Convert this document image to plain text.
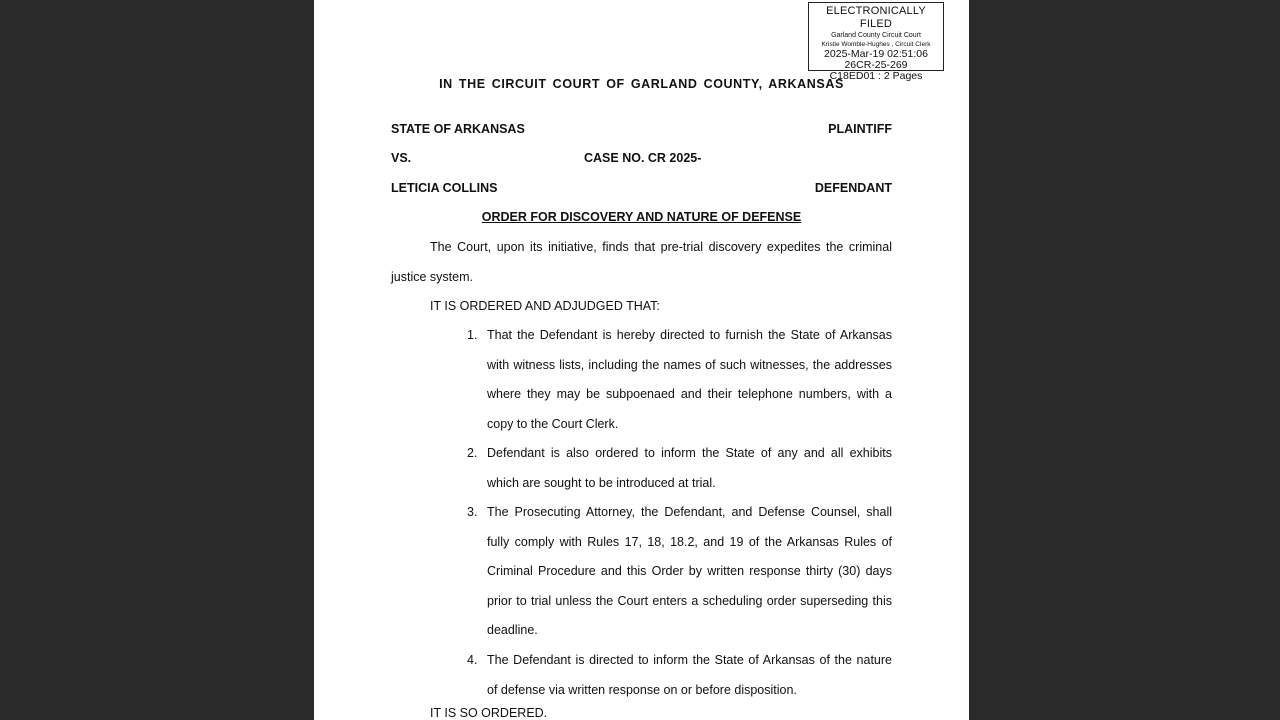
ELECTRONICALLY FILED
Garland County Circuit Court
Kristie Womble-Hughes , Circuit Clerk
2025-Mar-19 02:51:06
26CR-25-269
C18ED01 : 2 Pages
IN THE CIRCUIT COURT OF GARLAND COUNTY, ARKANSAS
STATE OF ARKANSAS	PLAINTIFF
VS.	CASE NO. CR 2025-
LETICIA COLLINS	DEFENDANT
ORDER FOR DISCOVERY AND NATURE OF DEFENSE
The Court, upon its initiative, finds that pre-trial discovery expedites the criminal justice system.
IT IS ORDERED AND ADJUDGED THAT:
1. That the Defendant is hereby directed to furnish the State of Arkansas with witness lists, including the names of such witnesses, the addresses where they may be subpoenaed and their telephone numbers, with a copy to the Court Clerk.
2. Defendant is also ordered to inform the State of any and all exhibits which are sought to be introduced at trial.
3. The Prosecuting Attorney, the Defendant, and Defense Counsel, shall fully comply with Rules 17, 18, 18.2, and 19 of the Arkansas Rules of Criminal Procedure and this Order by written response thirty (30) days prior to trial unless the Court enters a scheduling order superseding this deadline.
4. The Defendant is directed to inform the State of Arkansas of the nature of defense via written response on or before disposition.
IT IS SO ORDERED.
